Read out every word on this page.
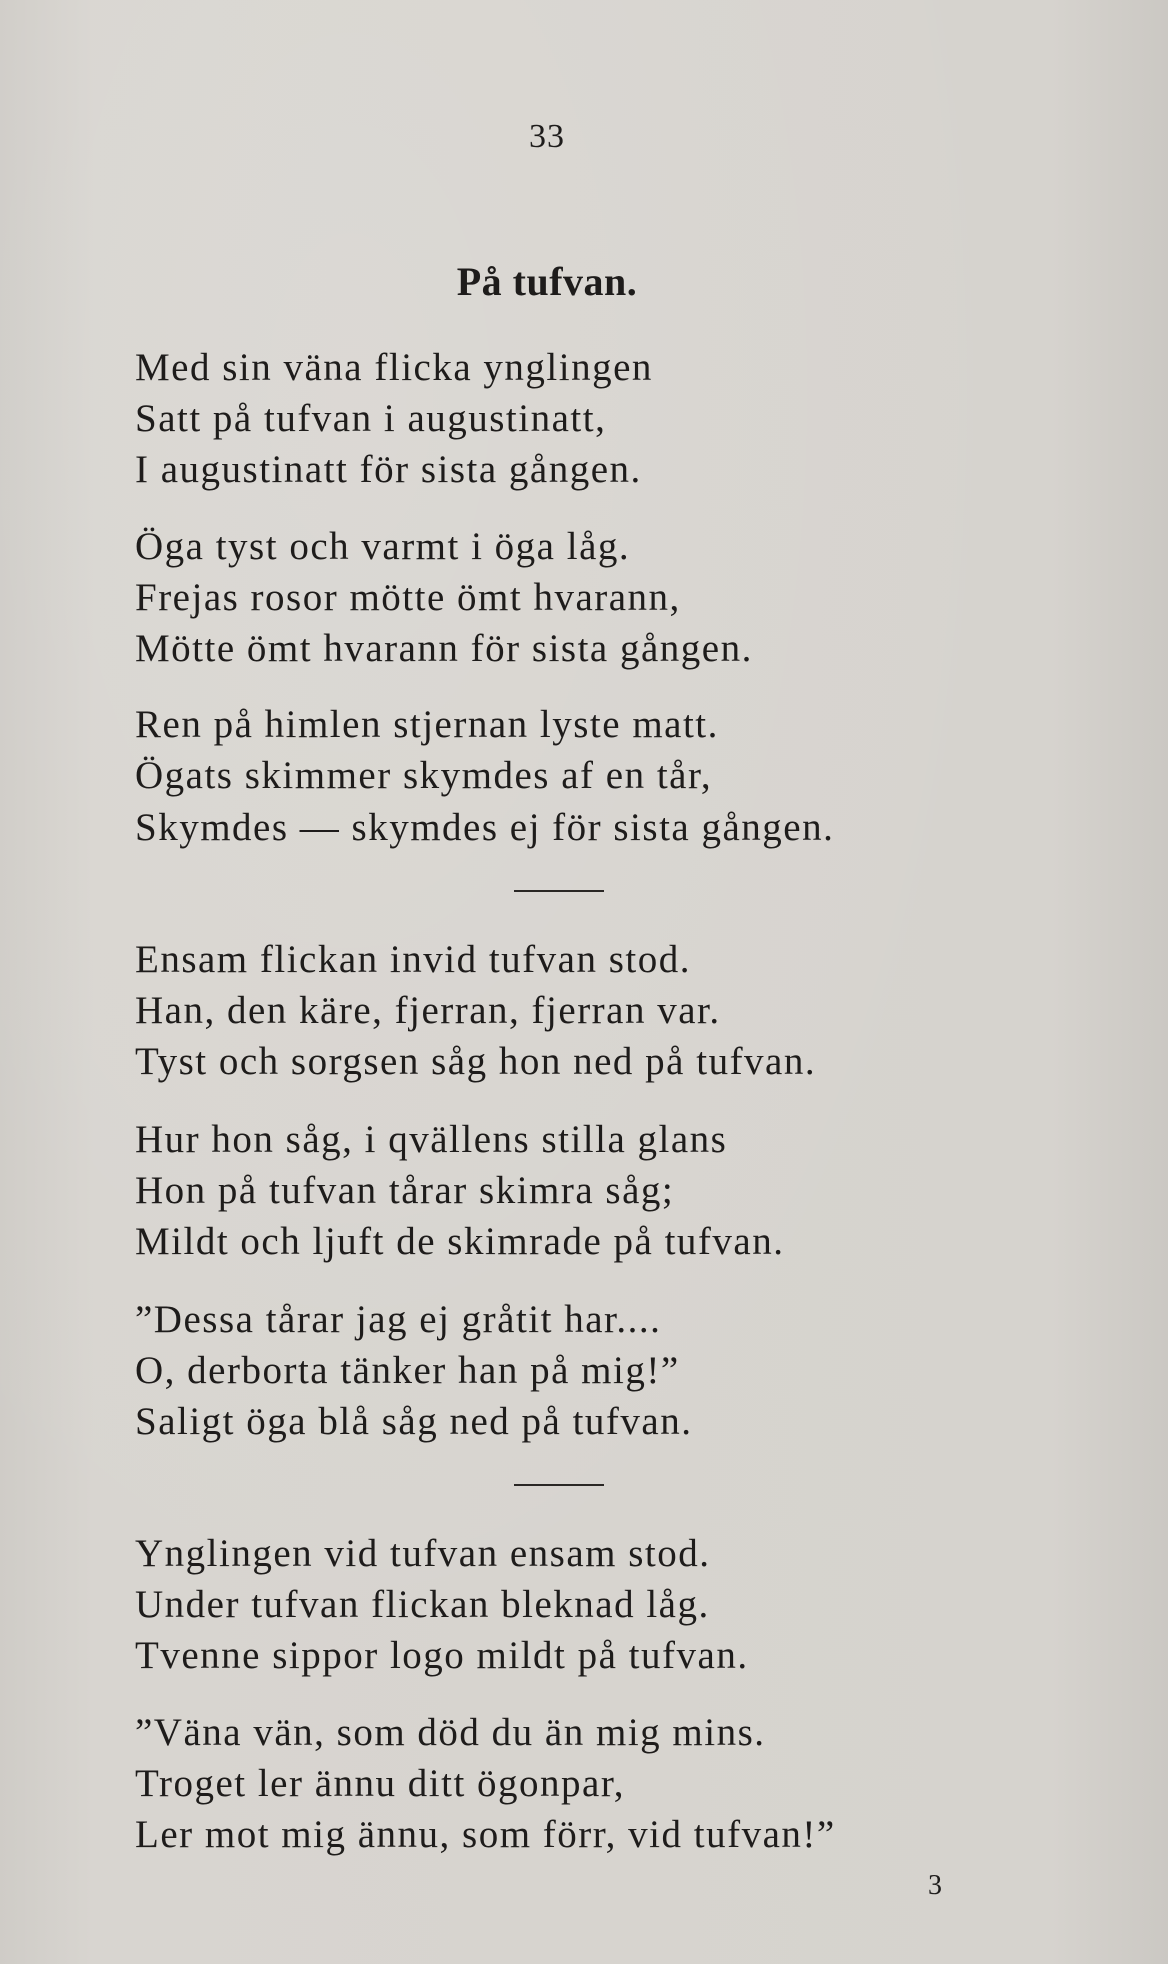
33
På tufvan.
Med sin väna flicka ynglingen
Satt på tufvan i augustinatt,
I augustinatt för sista gången.
Öga tyst och varmt i öga låg.
Frejas rosor mötte ömt hvarann,
Mötte ömt hvarann för sista gången.
Ren på himlen stjernan lyste matt.
Ögats skimmer skymdes af en tår,
Skymdes — skymdes ej för sista gången.
Ensam flickan invid tufvan stod.
Han, den käre, fjerran, fjerran var.
Tyst och sorgsen såg hon ned på tufvan.
Hur hon såg, i qvällens stilla glans
Hon på tufvan tårar skimra såg;
Mildt och ljuft de skimrade på tufvan.
”Dessa tårar jag ej gråtit har....
O, derborta tänker han på mig!”
Saligt öga blå såg ned på tufvan.
Ynglingen vid tufvan ensam stod.
Under tufvan flickan bleknad låg.
Tvenne sippor logo mildt på tufvan.
”Väna vän, som död du än mig mins.
Troget ler ännu ditt ögonpar,
Ler mot mig ännu, som förr, vid tufvan!”
3
